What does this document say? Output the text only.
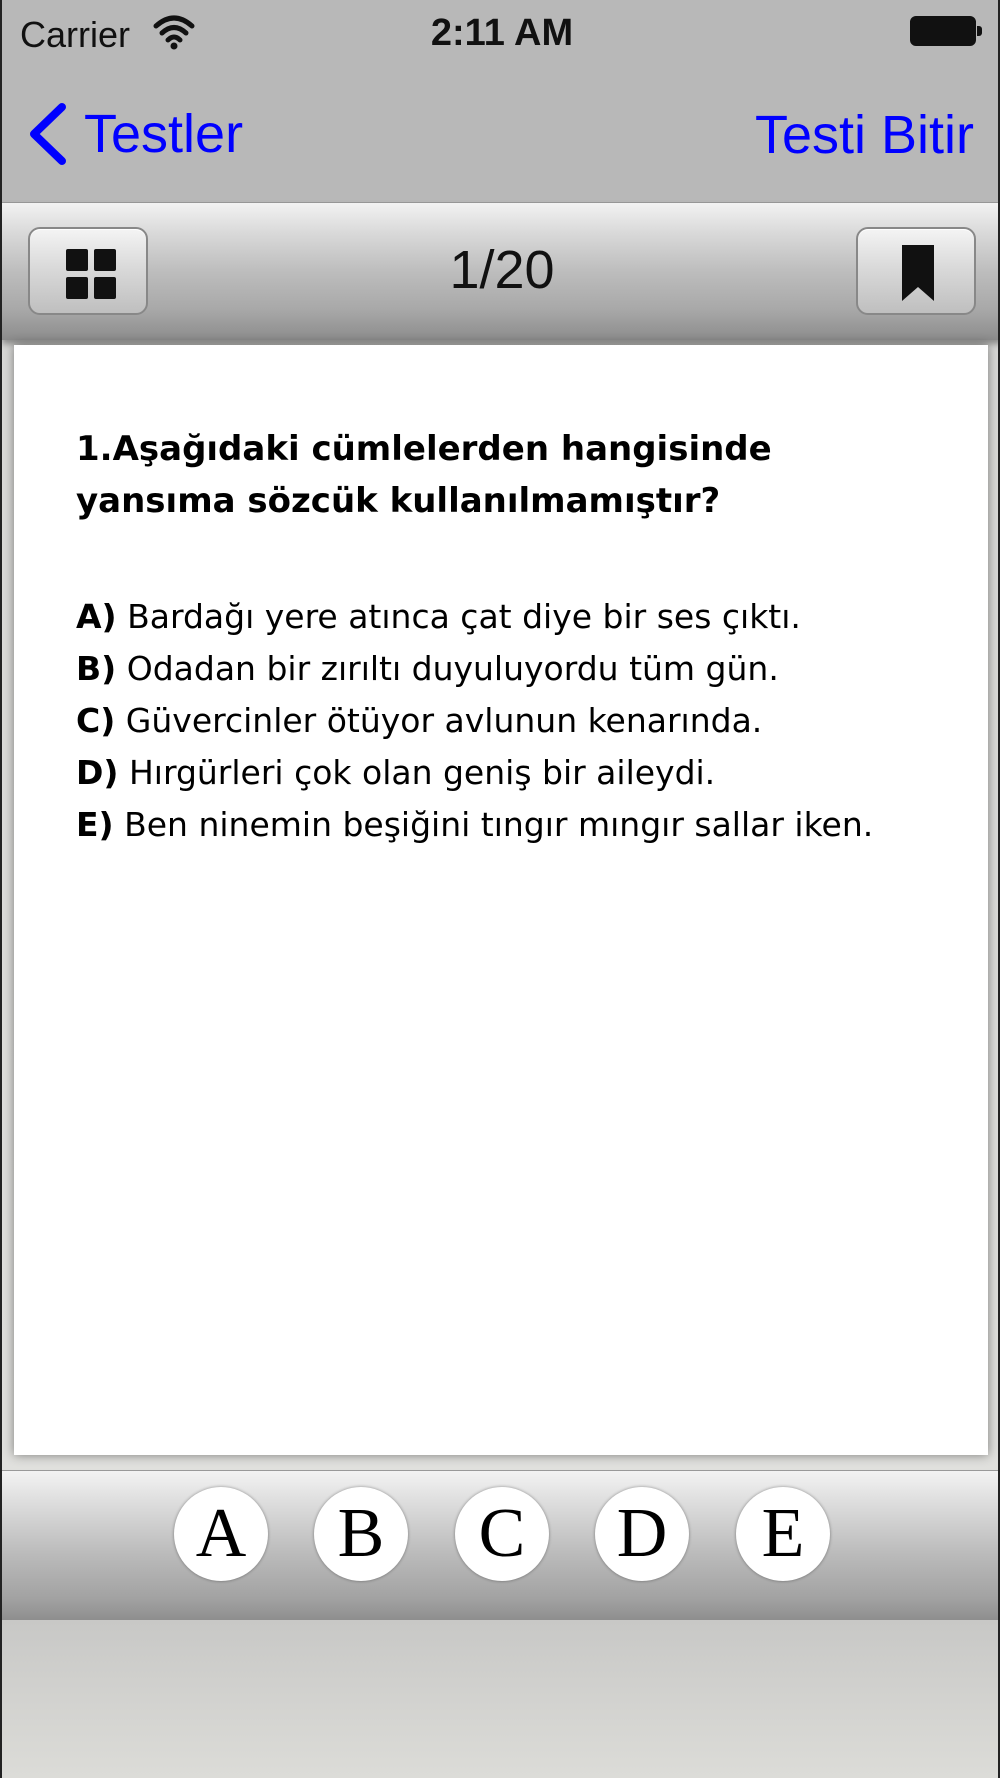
Carrier	2:11 AM
Testler	Testi Bitir
1/20

1.Aşağıdaki cümlelerden hangisinde yansıma sözcük kullanılmamıştır?

A) Bardağı yere atınca çat diye bir ses çıktı.
B) Odadan bir zırıltı duyuluyordu tüm gün.
C) Güvercinler ötüyor avlunun kenarında.
D) Hırgürleri çok olan geniş bir aileydi.
E) Ben ninemin beşiğini tıngır mıngır sallar iken.
A	B	C	D	E
